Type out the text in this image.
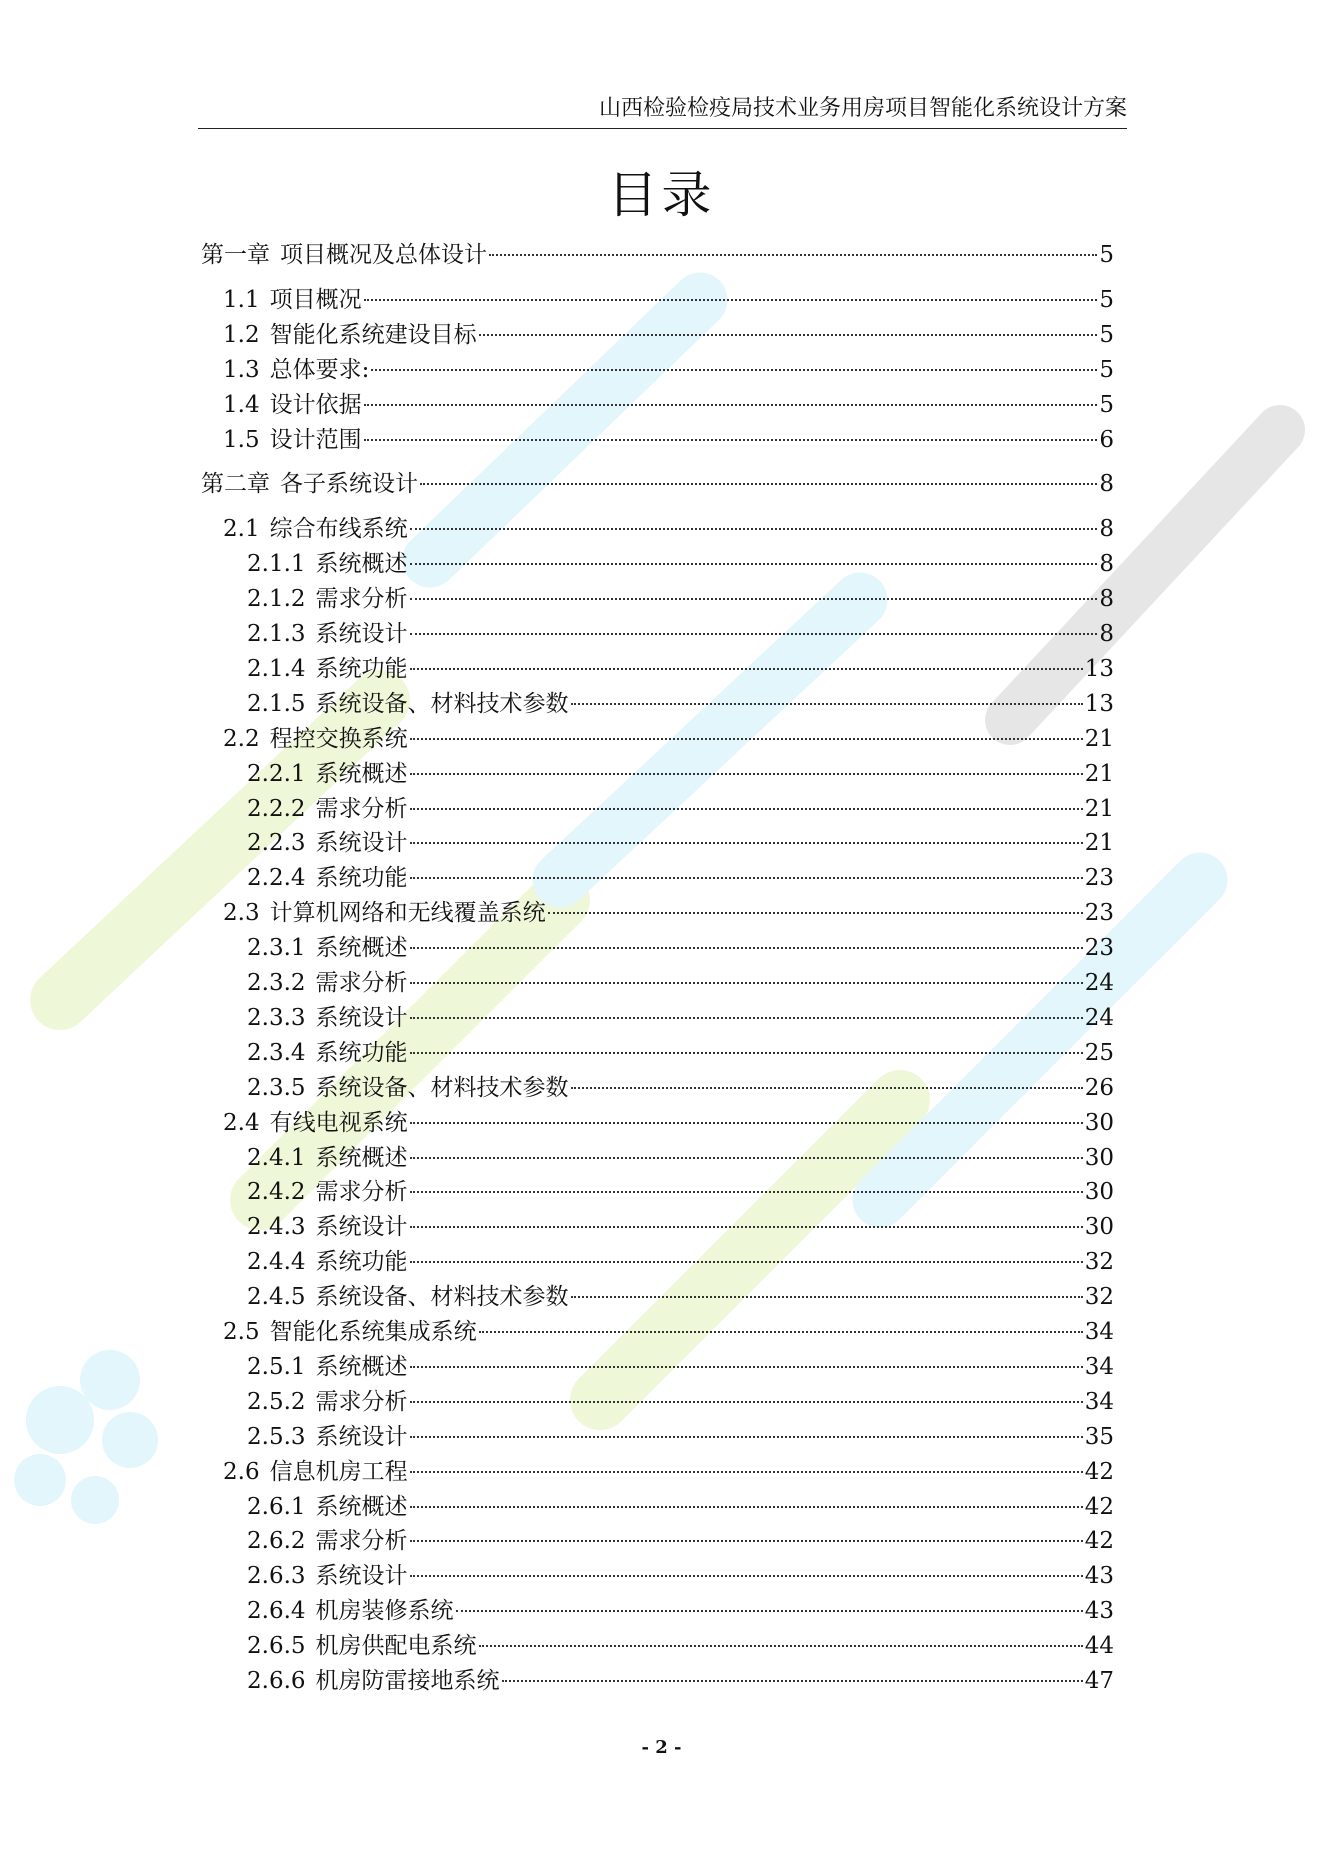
山西检验检疫局技术业务用房项目智能化系统设计方案
目录
第一章 项目概况及总体设计	5
1.1 项目概况	5
1.2 智能化系统建设目标	5
1.3 总体要求:	5
1.4 设计依据	5
1.5 设计范围	6
第二章 各子系统设计	8
2.1 综合布线系统	8
2.1.1 系统概述	8
2.1.2 需求分析	8
2.1.3 系统设计	8
2.1.4 系统功能	13
2.1.5 系统设备、材料技术参数	13
2.2 程控交换系统	21
2.2.1 系统概述	21
2.2.2 需求分析	21
2.2.3 系统设计	21
2.2.4 系统功能	23
2.3 计算机网络和无线覆盖系统	23
2.3.1 系统概述	23
2.3.2 需求分析	24
2.3.3 系统设计	24
2.3.4 系统功能	25
2.3.5 系统设备、材料技术参数	26
2.4 有线电视系统	30
2.4.1 系统概述	30
2.4.2 需求分析	30
2.4.3 系统设计	30
2.4.4 系统功能	32
2.4.5 系统设备、材料技术参数	32
2.5 智能化系统集成系统	34
2.5.1 系统概述	34
2.5.2 需求分析	34
2.5.3 系统设计	35
2.6 信息机房工程	42
2.6.1 系统概述	42
2.6.2 需求分析	42
2.6.3 系统设计	43
2.6.4 机房装修系统	43
2.6.5 机房供配电系统	44
2.6.6 机房防雷接地系统	47
- 2 -
